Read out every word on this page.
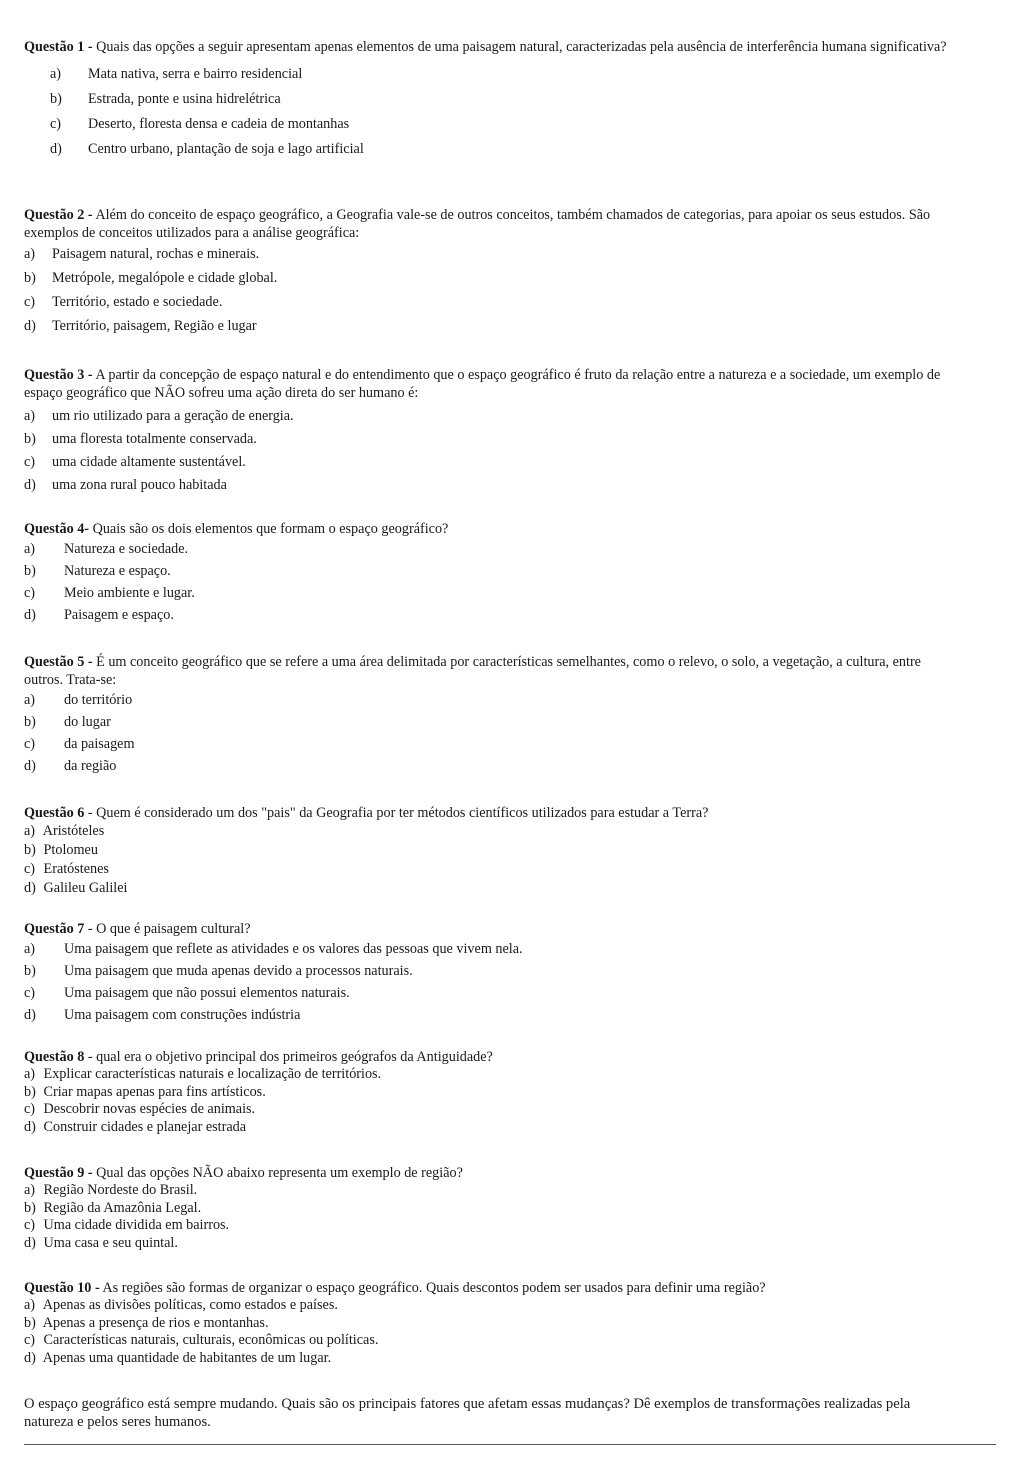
Questão 1 - Quais das opções a seguir apresentam apenas elementos de uma paisagem natural, caracterizadas pela ausência de interferência humana significativa?

a) Mata nativa, serra e bairro residencial
b) Estrada, ponte e usina hidrelétrica
c) Deserto, floresta densa e cadeia de montanhas
d) Centro urbano, plantação de soja e lago artificial

Questão 2 - Além do conceito de espaço geográfico, a Geografia vale-se de outros conceitos, também chamados de categorias, para apoiar os seus estudos. São exemplos de conceitos utilizados para a análise geográfica:

a) Paisagem natural, rochas e minerais.
b) Metrópole, megalópole e cidade global.
c) Território, estado e sociedade.
d) Território, paisagem, Região e lugar

Questão 3 - A partir da concepção de espaço natural e do entendimento que o espaço geográfico é fruto da relação entre a natureza e a sociedade, um exemplo de espaço geográfico que NÃO sofreu uma ação direta do ser humano é:

a) um rio utilizado para a geração de energia.
b) uma floresta totalmente conservada.
c) uma cidade altamente sustentável.
d) uma zona rural pouco habitada

Questão 4- Quais são os dois elementos que formam o espaço geográfico?

a) Natureza e sociedade.
b) Natureza e espaço.
c) Meio ambiente e lugar.
d) Paisagem e espaço.

Questão 5 - É um conceito geográfico que se refere a uma área delimitada por características semelhantes, como o relevo, o solo, a vegetação, a cultura, entre outros. Trata-se:

a) do território
b) do lugar
c) da paisagem
d) da região

Questão 6 - Quem é considerado um dos "pais" da Geografia por ter métodos científicos utilizados para estudar a Terra?

a) Aristóteles
b) Ptolomeu
c) Eratóstenes
d) Galileu Galilei

Questão 7 - O que é paisagem cultural?

a) Uma paisagem que reflete as atividades e os valores das pessoas que vivem nela.
b) Uma paisagem que muda apenas devido a processos naturais.
c) Uma paisagem que não possui elementos naturais.
d) Uma paisagem com construções indústria

Questão 8 - qual era o objetivo principal dos primeiros geógrafos da Antiguidade?

a) Explicar características naturais e localização de territórios.
b) Criar mapas apenas para fins artísticos.
c) Descobrir novas espécies de animais.
d) Construir cidades e planejar estrada

Questão 9 - Qual das opções NÃO abaixo representa um exemplo de região?

a) Região Nordeste do Brasil.
b) Região da Amazônia Legal.
c) Uma cidade dividida em bairros.
d) Uma casa e seu quintal.

Questão 10 - As regiões são formas de organizar o espaço geográfico. Quais descontos podem ser usados para definir uma região?

a) Apenas as divisões políticas, como estados e países.
b) Apenas a presença de rios e montanhas.
c) Características naturais, culturais, econômicas ou políticas.
d) Apenas uma quantidade de habitantes de um lugar.

O espaço geográfico está sempre mudando. Quais são os principais fatores que afetam essas mudanças? Dê exemplos de transformações realizadas pela natureza e pelos seres humanos.
